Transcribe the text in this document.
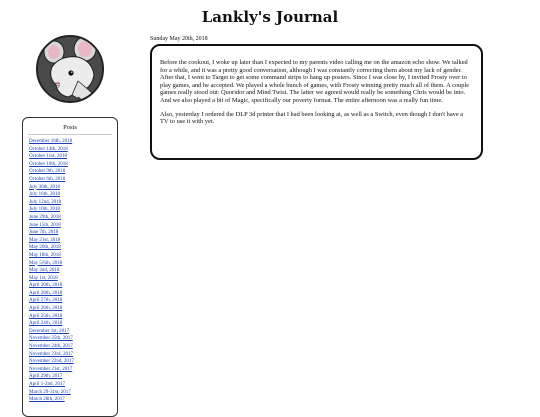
Lankly's Journal
Posts
December 16th, 2018
October 14th, 2018
October 11st, 2018
October 10th, 2018
October 9th, 2018
October 6th, 2018
July 30th, 2018
July 16th, 2018
July 12nd, 2018
July 10th, 2018
June 29th, 2018
June 15th, 2018
June 7th, 2018
May 21st, 2018
May 20th, 2018
May 18th, 2018
May 5/6th, 2018
May 2nd, 2018
May 1st, 2018
April 30th, 2018
April 28th, 2018
April 27th, 2018
April 26th, 2018
April 25th, 2018
April 24th, 2018
December 1st, 2017
November 25th, 2017
November 24th, 2017
November 23rd, 2017
November 22nd, 2017
November 21st, 2017
April 29th, 2017
April 1-2nd, 2017
March 29-31st, 2017
March 28th, 2017
Sunday May 20th, 2018

Before the cookout, I woke up later than I expected to my parents video calling me on the amazon echo show. We talked for a while, and it was a pretty good conversation, although I was constantly correcting them about my lack of gender. After that, I went to Target to get some command strips to hang up posters. Since I was close by, I invited Frosty over to play games, and he accepted. We played a whole bunch of games, with Frosty winning pretty much all of them. A couple games really stood out: Quoridor and Mind Twist. The latter we agreed would really be something Chris would be into. And we also played a bit of Magic, specifically our poverty format. The entire afternoon was a really fun time.

Also, yesterday I ordered the DLP 3d printer that I had been looking at, as well as a Switch, even though I don't have a TV to use it with yet.
